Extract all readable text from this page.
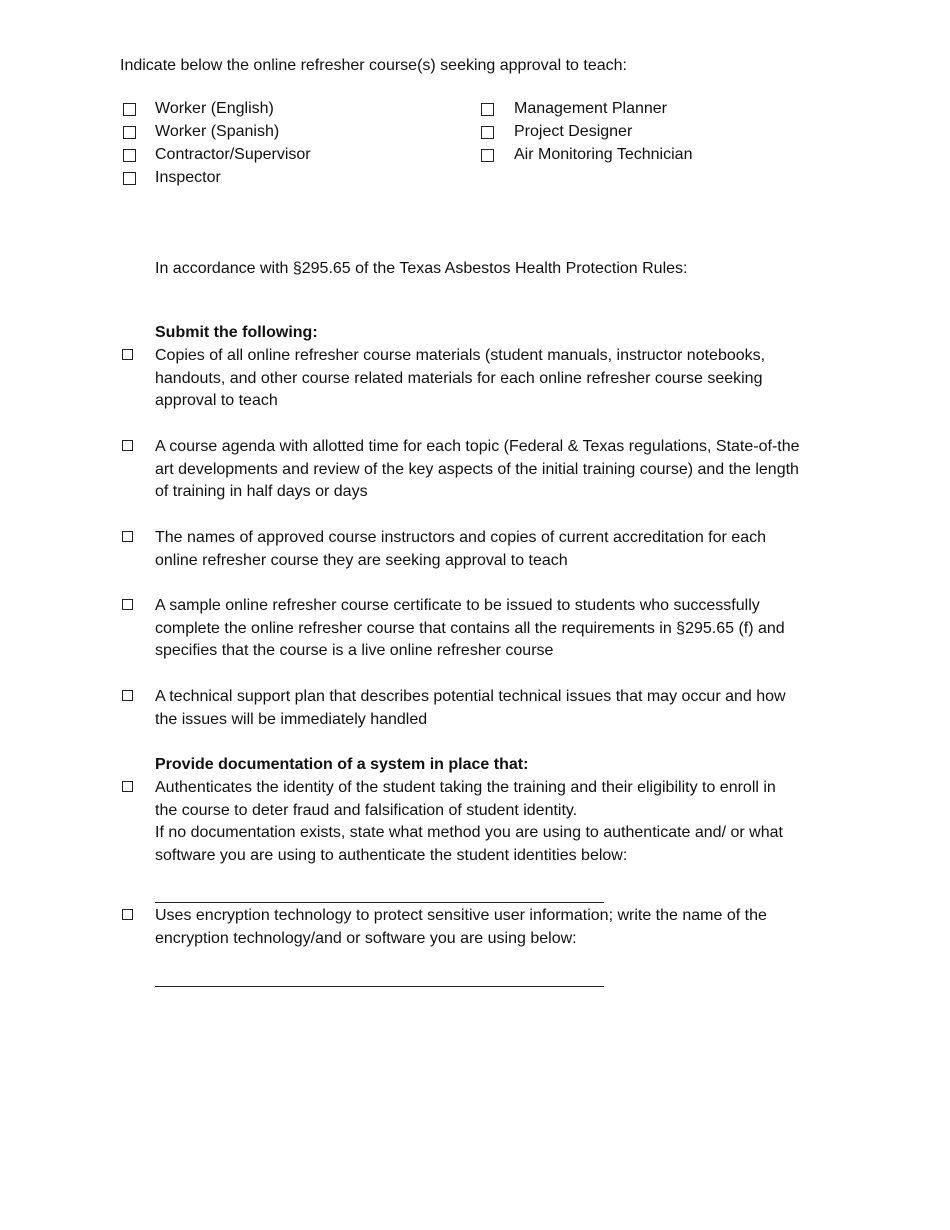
Indicate below the online refresher course(s) seeking approval to teach:
Worker (English)
Worker (Spanish)
Contractor/Supervisor
Inspector
Management Planner
Project Designer
Air Monitoring Technician
In accordance with §295.65 of the Texas Asbestos Health Protection Rules:
Submit the following:
Copies of all online refresher course materials (student manuals, instructor notebooks,
handouts, and other course related materials for each online refresher course seeking
approval to teach
A course agenda with allotted time for each topic (Federal & Texas regulations, State-of-the
art developments and review of the key aspects of the initial training course) and the length
of training in half days or days
The names of approved course instructors and copies of current accreditation for each
online refresher course they are seeking approval to teach
A sample online refresher course certificate to be issued to students who successfully
complete the online refresher course that contains all the requirements in §295.65 (f) and
specifies that the course is a live online refresher course
A technical support plan that describes potential technical issues that may occur and how
the issues will be immediately handled
Provide documentation of a system in place that:
Authenticates the identity of the student taking the training and their eligibility to enroll in
the course to deter fraud and falsification of student identity.
If no documentation exists, state what method you are using to authenticate and/ or what
software you are using to authenticate the student identities below:
Uses encryption technology to protect sensitive user information; write the name of the
encryption technology/and or software you are using below:
